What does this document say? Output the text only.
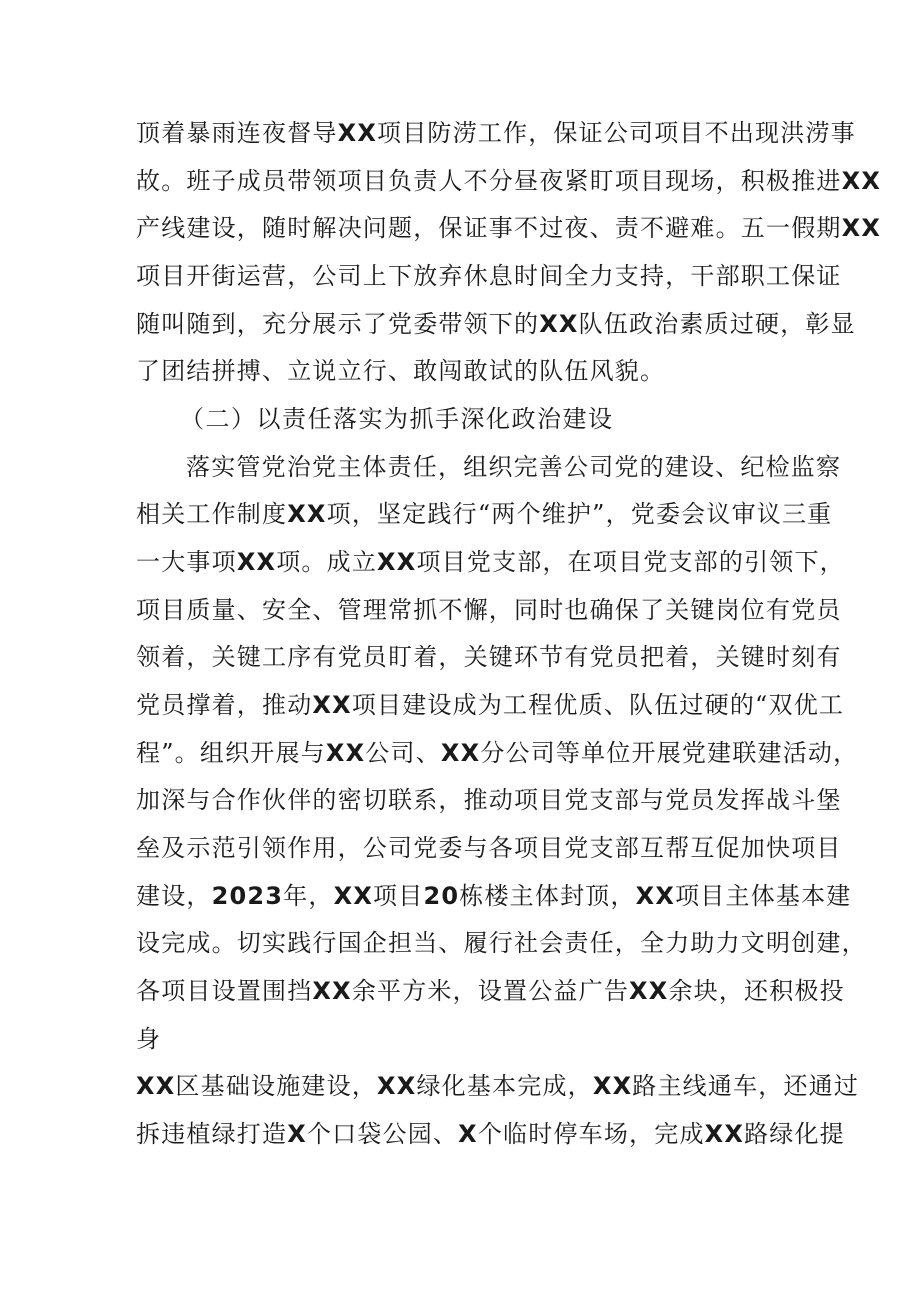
顶着暴雨连夜督导XX项目防涝工作，保证公司项目不出现洪涝事
故。班子成员带领项目负责人不分昼夜紧盯项目现场，积极推进XX
产线建设，随时解决问题，保证事不过夜、责不避难。五一假期XX
项目开街运营，公司上下放弃休息时间全力支持，干部职工保证
随叫随到，充分展示了党委带领下的XX队伍政治素质过硬，彰显
了团结拼搏、立说立行、敢闯敢试的队伍风貌。
（二）以责任落实为抓手深化政治建设
落实管党治党主体责任，组织完善公司党的建设、纪检监察
相关工作制度XX项，坚定践行“两个维护”，党委会议审议三重
一大事项XX项。成立XX项目党支部，在项目党支部的引领下，
项目质量、安全、管理常抓不懈，同时也确保了关键岗位有党员
领着，关键工序有党员盯着，关键环节有党员把着，关键时刻有
党员撑着，推动XX项目建设成为工程优质、队伍过硬的“双优工
程”。组织开展与XX公司、XX分公司等单位开展党建联建活动，
加深与合作伙伴的密切联系，推动项目党支部与党员发挥战斗堡
垒及示范引领作用，公司党委与各项目党支部互帮互促加快项目
建设，2023年，XX项目20栋楼主体封顶，XX项目主体基本建
设完成。切实践行国企担当、履行社会责任，全力助力文明创建，
各项目设置围挡XX余平方米，设置公益广告XX余块，还积极投
身
XX区基础设施建设，XX绿化基本完成，XX路主线通车，还通过
拆违植绿打造X个口袋公园、X个临时停车场，完成XX路绿化提
